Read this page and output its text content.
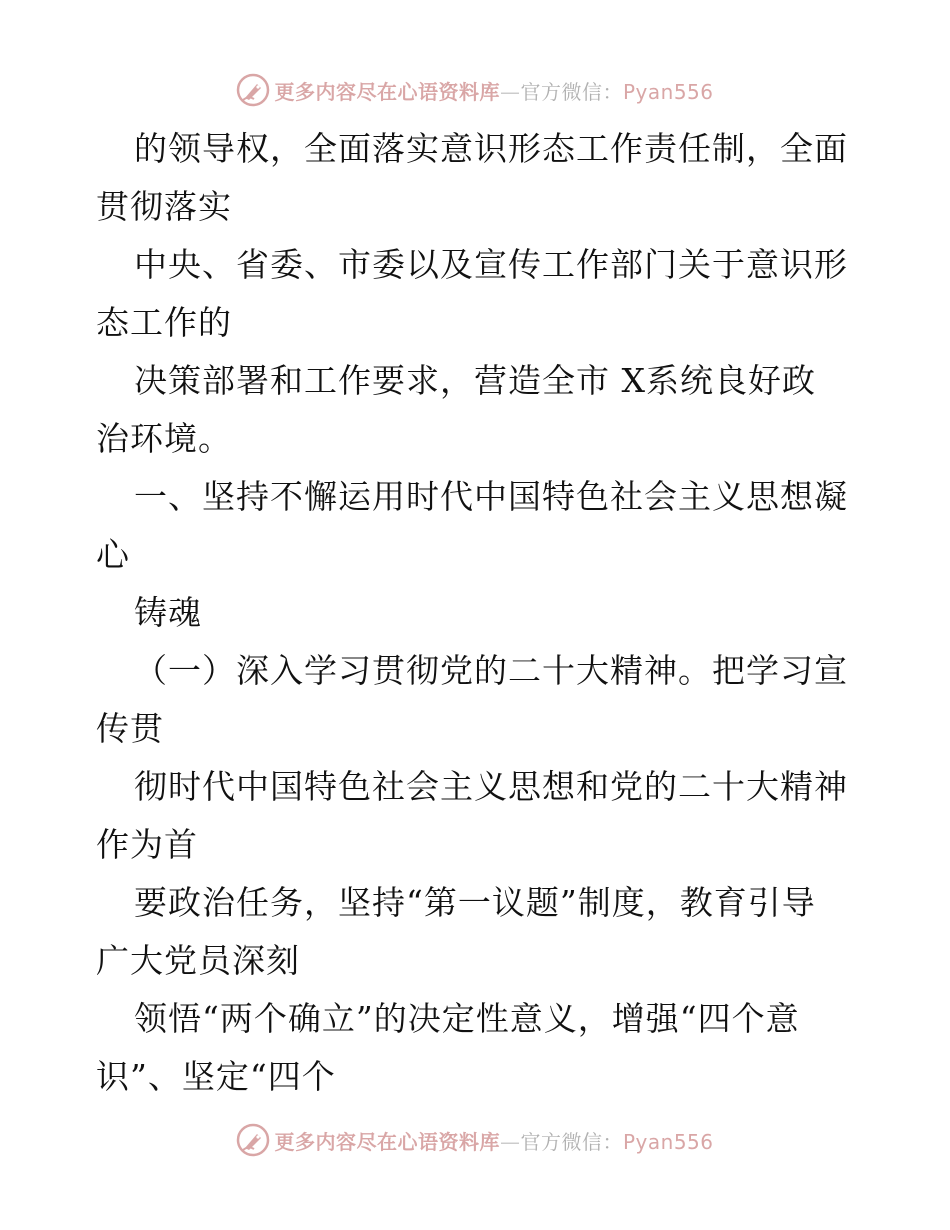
更多内容尽在心语资料库—官方微信：Pyan556
的领导权，全面落实意识形态工作责任制，全面
贯彻落实
中央、省委、市委以及宣传工作部门关于意识形
态工作的
决策部署和工作要求，营造全市 X系统良好政
治环境。
一、坚持不懈运用时代中国特色社会主义思想凝
心
铸魂
（一）深入学习贯彻党的二十大精神。把学习宣
传贯
彻时代中国特色社会主义思想和党的二十大精神
作为首
要政治任务，坚持“第一议题”制度，教育引导
广大党员深刻
领悟“两个确立”的决定性意义，增强“四个意
识”、坚定“四个
更多内容尽在心语资料库—官方微信：Pyan556
